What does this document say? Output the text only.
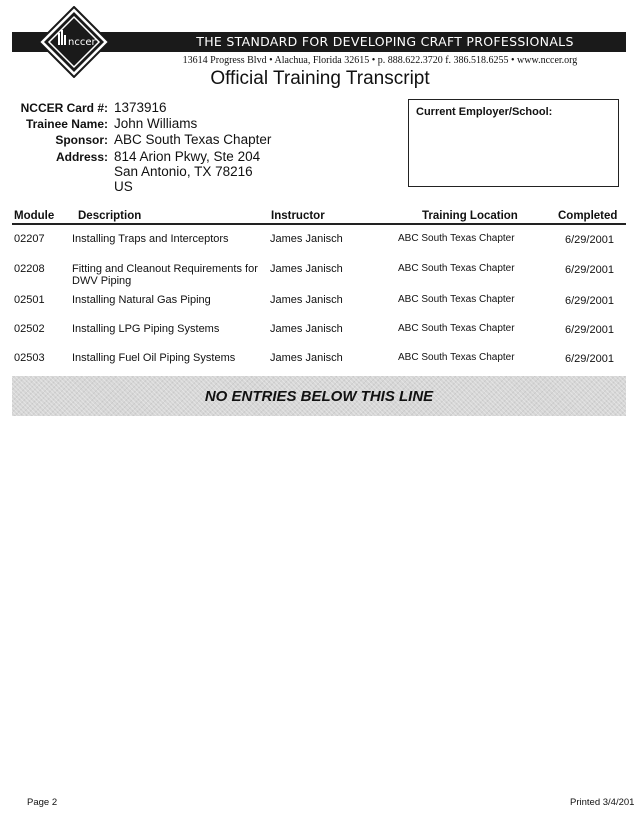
nccer	THE STANDARD FOR DEVELOPING CRAFT PROFESSIONALS
13614 Progress Blvd • Alachua, Florida 32615 • p. 888.622.3720 f. 386.518.6255 • www.nccer.org
Official Training Transcript
NCCER Card #: 1373916
Trainee Name: John Williams
Sponsor: ABC South Texas Chapter
Address: 814 Arion Pkwy, Ste 204
San Antonio, TX 78216
US
Current Employer/School:
Module Description	Instructor	Training Location	Completed
02207 Installing Traps and Interceptors	James Janisch	ABC South Texas Chapter	6/29/2001
02208 Fitting and Cleanout Requirements for
DWV Piping
James Janisch	ABC South Texas Chapter	6/29/2001
02501 Installing Natural Gas Piping	James Janisch	ABC South Texas Chapter	6/29/2001
02502 Installing LPG Piping Systems	James Janisch	ABC South Texas Chapter	6/29/2001
02503 Installing Fuel Oil Piping Systems	James Janisch	ABC South Texas Chapter	6/29/2001
NO ENTRIES BELOW THIS LINE
Page 2	Printed 3/4/201
